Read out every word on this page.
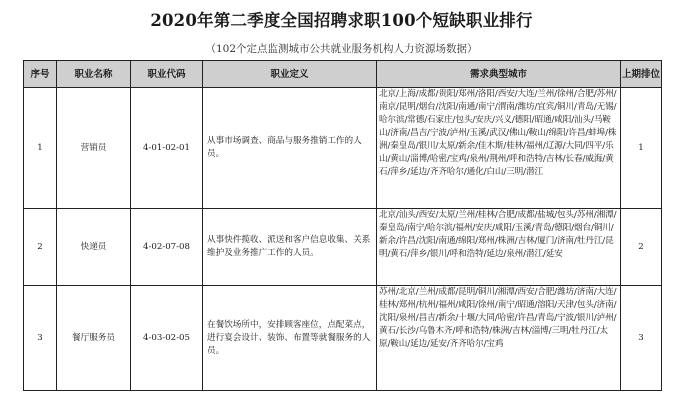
2020年第二季度全国招聘求职100个短缺职业排行
（102个定点监测城市公共就业服务机构人力资源场数据）
序号	职业名称	职业代码	职业定义	需求典型城市	上期排位
1	营销员	4-01-02-01	从事市场调查、商品与服务推销工作的人员。	北京/上海/成都/贵阳/郑州/洛阳/西安/大连/兰州/徐州/合肥/苏州/南京/昆明/烟台/沈阳/南通/南宁/渭南/潍坊/宜宾/铜川/青岛/无锡/哈尔滨/常德/石家庄/包头/安庆/兴义/德阳/昭通/咸阳/汕头/马鞍山/济南/昌吉/宁波/泸州/玉溪/武汉/佛山/鞍山/绵阳/许昌/蚌埠/株洲/秦皇岛/银川/太原/新余/佳木斯/桂林/福州/辽源/大同/四平/乐山/黄山/淄博/哈密/宝鸡/泉州/荆州/呼和浩特/吉林/长春/威海/黄石/萍乡/延边/齐齐哈尔/通化/白山/三明/潜江	1
2	快递员	4-02-07-08	从事快件揽收、派送和客户信息收集、关系维护及业务推广工作的人员。	北京/汕头/西安/太原/兰州/桂林/合肥/成都/盐城/包头/苏州/湘潭/秦皇岛/南宁/哈尔滨/福州/安庆/咸阳/玉溪/青岛/德阳/烟台/铜川/新余/许昌/沈阳/南通/绵阳/郑州/株洲/吉林/厦门/济南/牡丹江/昆明/黄石/萍乡/银川/呼和浩特/延边/泉州/潜江/延安	2
3	餐厅服务员	4-03-02-05	在餐饮场所中，安排顾客座位，点配菜点，进行宴会设计、装饰、布置等就餐服务的人员。	苏州/北京/兰州/成都/昆明/铜川/湘潭/西安/合肥/潍坊/济南/大连/桂林/郑州/杭州/福州/咸阳/徐州/南宁/昭通/溶阳/天津/包头/济南/沈阳/泉州/昌吉/新余/十堰/大同/哈密/许昌/青岛/宁波/银川/泸州/黄石/长沙/乌鲁木齐/呼和浩特/株洲/吉林/淄博/三明/牡丹江/太原/鞍山/延边/延安/齐齐哈尔/宝鸡	3
